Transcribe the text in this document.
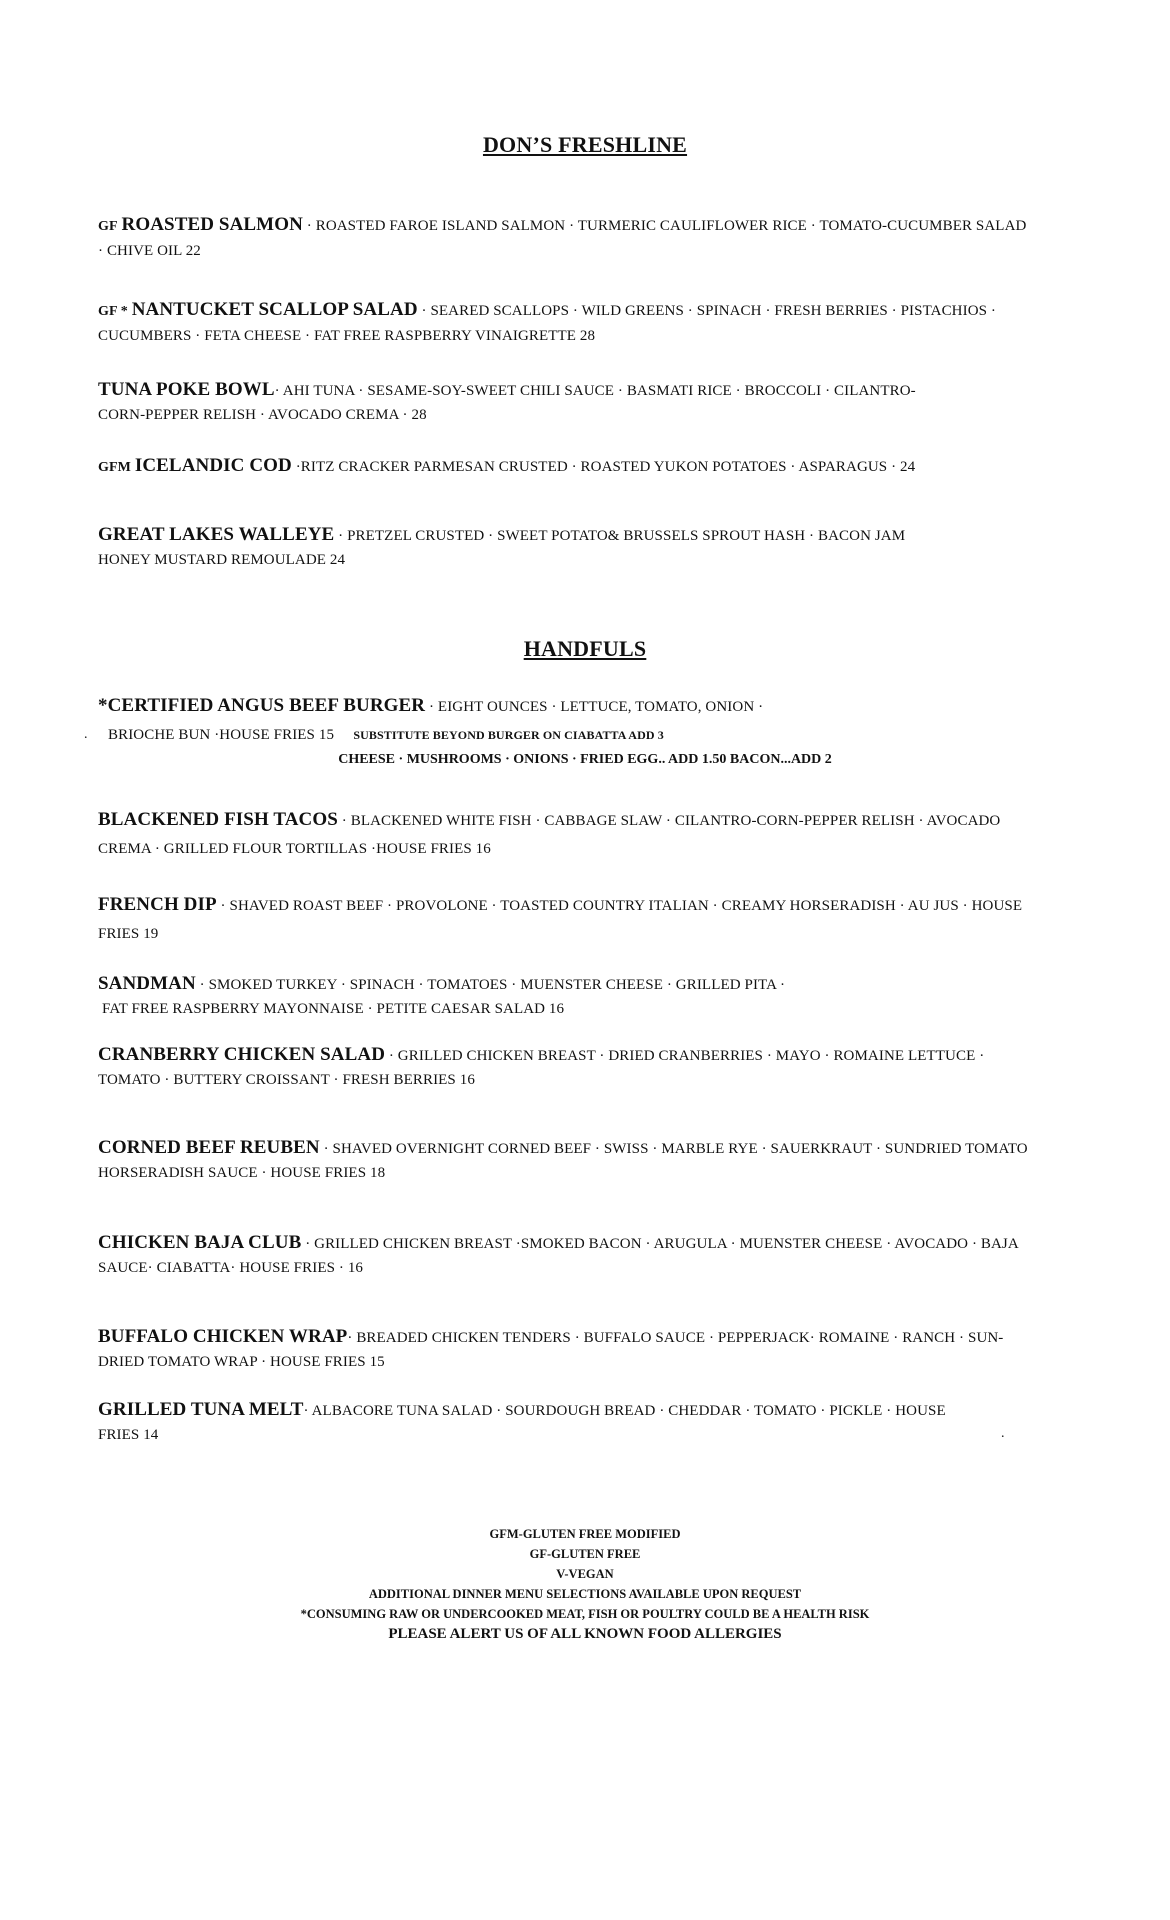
DON’S FRESHLINE
GF ROASTED SALMON · ROASTED FAROE ISLAND SALMON · TURMERIC CAULIFLOWER RICE · TOMATO-CUCUMBER SALAD
· CHIVE OIL 22
GF * NANTUCKET SCALLOP SALAD · SEARED SCALLOPS · WILD GREENS · SPINACH · FRESH BERRIES · PISTACHIOS ·
CUCUMBERS · FETA CHEESE · FAT FREE RASPBERRY VINAIGRETTE 28
TUNA POKE BOWL· AHI TUNA · SESAME-SOY-SWEET CHILI SAUCE · BASMATI RICE · BROCCOLI · CILANTRO-
CORN-PEPPER RELISH · AVOCADO CREMA · 28
GFM ICELANDIC COD ·RITZ CRACKER PARMESAN CRUSTED · ROASTED YUKON POTATOES · ASPARAGUS · 24
GREAT LAKES WALLEYE · PRETZEL CRUSTED · SWEET POTATO& BRUSSELS SPROUT HASH · BACON JAM
HONEY MUSTARD REMOULADE 24
HANDFULS
*CERTIFIED ANGUS BEEF BURGER · EIGHT OUNCES · LETTUCE, TOMATO, ONION ·
BRIOCHE BUN ·HOUSE FRIES 15 SUBSTITUTE BEYOND BURGER ON CIABATTA ADD 3
.
CHEESE · MUSHROOMS · ONIONS · FRIED EGG.. ADD 1.50 BACON...ADD 2
BLACKENED FISH TACOS · BLACKENED WHITE FISH · CABBAGE SLAW · CILANTRO-CORN-PEPPER RELISH · AVOCADO
CREMA · GRILLED FLOUR TORTILLAS ·HOUSE FRIES 16
FRENCH DIP · SHAVED ROAST BEEF · PROVOLONE · TOASTED COUNTRY ITALIAN · CREAMY HORSERADISH · AU JUS · HOUSE
FRIES 19
SANDMAN · SMOKED TURKEY · SPINACH · TOMATOES · MUENSTER CHEESE · GRILLED PITA ·
FAT FREE RASPBERRY MAYONNAISE · PETITE CAESAR SALAD 16
CRANBERRY CHICKEN SALAD · GRILLED CHICKEN BREAST · DRIED CRANBERRIES · MAYO · ROMAINE LETTUCE ·
TOMATO · BUTTERY CROISSANT · FRESH BERRIES 16
CORNED BEEF REUBEN · SHAVED OVERNIGHT CORNED BEEF · SWISS · MARBLE RYE · SAUERKRAUT · SUNDRIED TOMATO
HORSERADISH SAUCE · HOUSE FRIES 18
CHICKEN BAJA CLUB · GRILLED CHICKEN BREAST ·SMOKED BACON · ARUGULA · MUENSTER CHEESE · AVOCADO · BAJA
SAUCE· CIABATTA· HOUSE FRIES · 16
BUFFALO CHICKEN WRAP· BREADED CHICKEN TENDERS · BUFFALO SAUCE · PEPPERJACK· ROMAINE · RANCH · SUN-
DRIED TOMATO WRAP · HOUSE FRIES 15
GRILLED TUNA MELT· ALBACORE TUNA SALAD · SOURDOUGH BREAD · CHEDDAR · TOMATO · PICKLE · HOUSE
FRIES 14	.
GFM-GLUTEN FREE MODIFIED
GF-GLUTEN FREE
V-VEGAN
ADDITIONAL DINNER MENU SELECTIONS AVAILABLE UPON REQUEST
*CONSUMING RAW OR UNDERCOOKED MEAT, FISH OR POULTRY COULD BE A HEALTH RISK
PLEASE ALERT US OF ALL KNOWN FOOD ALLERGIES
